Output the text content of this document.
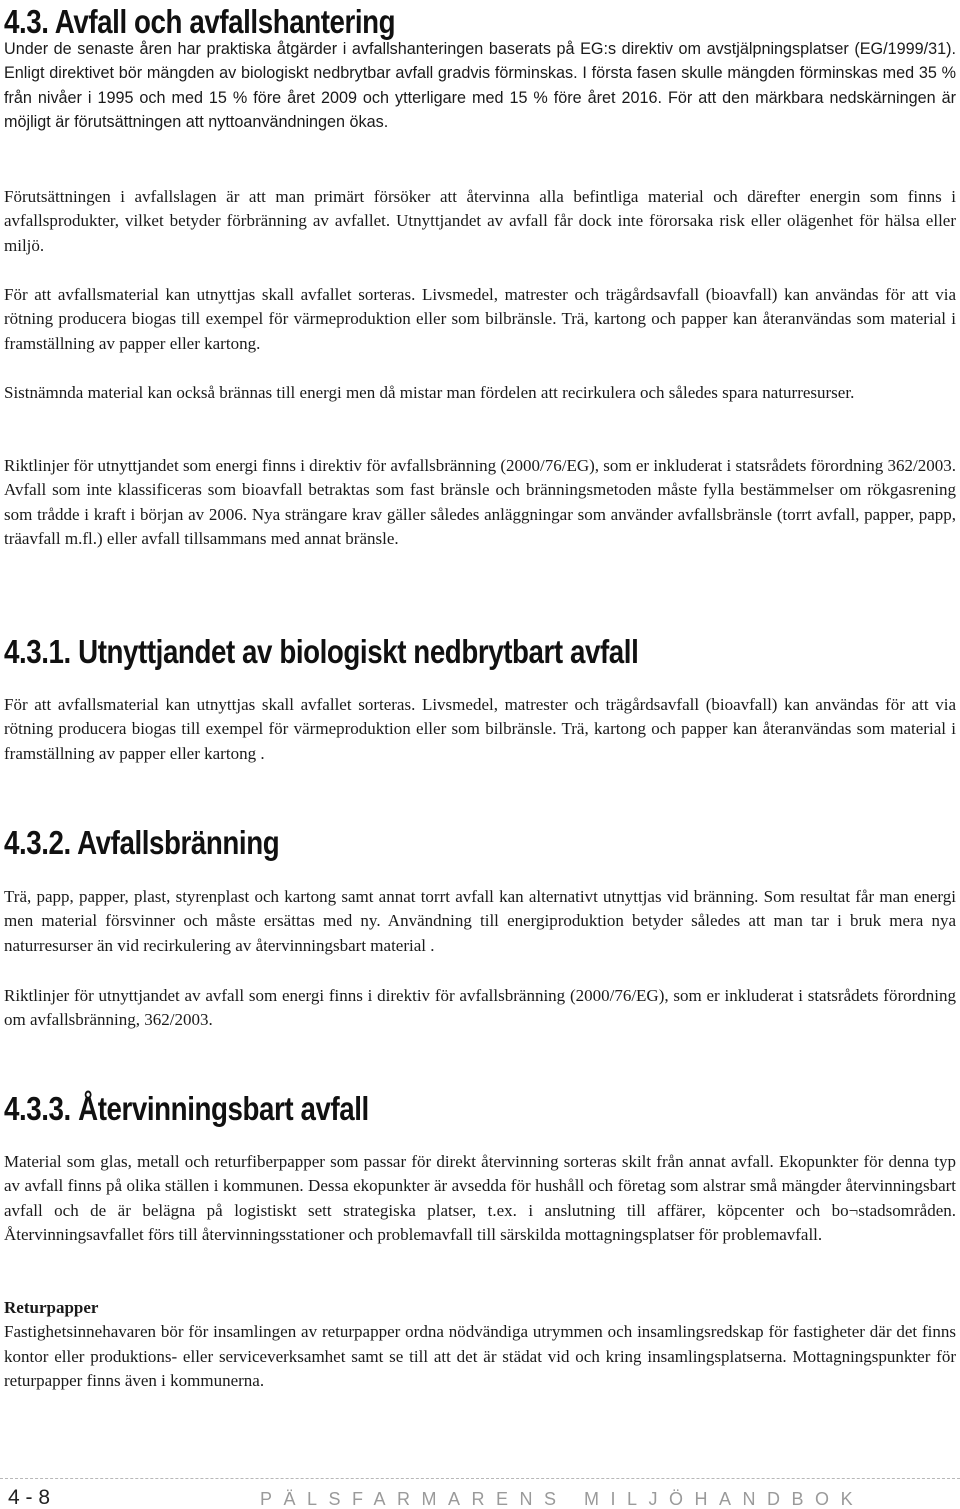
4.3. Avfall och avfallshantering

Under de senaste åren har praktiska åtgärder i avfallshanteringen baserats på EG:s direktiv om avstjälpningsplatser (EG/1999/31). Enligt direktivet bör mängden av biologiskt nedbrytbar avfall gradvis förminskas. I första fasen skulle mängden förminskas med 35 % från nivåer i 1995 och med 15 % före året 2009 och ytterligare med 15 % före året 2016. För att den märkbara nedskärningen är möjligt är förutsättningen att nyttoanvändningen ökas.

Förutsättningen i avfallslagen är att man primärt försöker att återvinna alla befintliga material och därefter energin som finns i avfallsprodukter, vilket betyder förbränning av avfallet. Utnyttjandet av avfall får dock inte förorsaka risk eller olägenhet för hälsa eller miljö.

För att avfallsmaterial kan utnyttjas skall avfallet sorteras. Livsmedel, matrester och trägårdsavfall (bioavfall) kan användas för att via rötning producera biogas till exempel för värmeproduktion eller som bilbränsle. Trä, kartong och papper kan återanvändas som material i framställning av papper eller kartong.

Sistnämnda material kan också brännas till energi men då mistar man fördelen att recirkulera och således spara naturresurser.

Riktlinjer för utnyttjandet som energi finns i direktiv för avfallsbränning (2000/76/EG), som er inkluderat i statsrådets förordning 362/2003. Avfall som inte klassificeras som bioavfall betraktas som fast bränsle och bränningsmetoden måste fylla bestämmelser om rökgasrening som trådde i kraft i början av 2006. Nya strängare krav gäller således anläggningar som använder avfallsbränsle (torrt avfall, papper, papp, träavfall m.fl.) eller avfall tillsammans med annat bränsle.

4.3.1. Utnyttjandet av biologiskt nedbrytbart avfall

För att avfallsmaterial kan utnyttjas skall avfallet sorteras. Livsmedel, matrester och trägårdsavfall (bioavfall) kan användas för att via rötning producera biogas till exempel för värmeproduktion eller som bilbränsle. Trä, kartong och papper kan återanvändas som material i framställning av papper eller kartong .

4.3.2. Avfallsbränning

Trä, papp, papper, plast, styrenplast och kartong samt annat torrt avfall kan alternativt utnyttjas vid bränning. Som resultat får man energi men material försvinner och måste ersättas med ny. Användning till energiproduktion betyder således att man tar i bruk mera nya naturresurser än vid recirkulering av återvinningsbart material .

Riktlinjer för utnyttjandet av avfall som energi finns i direktiv för avfallsbränning (2000/76/EG), som er inkluderat i statsrådets förordning om avfallsbränning, 362/2003.

4.3.3. Återvinningsbart avfall

Material som glas, metall och returfiberpapper som passar för direkt återvinning sorteras skilt från annat avfall. Ekopunkter för denna typ av avfall finns på olika ställen i kommunen. Dessa ekopunkter är avsedda för hushåll och företag som alstrar små mängder återvinningsbart avfall och de är belägna på logistiskt sett strategiska platser, t.ex. i anslutning till affärer, köpcenter och bo¬stadsområden. Återvinningsavfallet förs till återvinningsstationer och problemavfall till särskilda mottagningsplatser för problemavfall.

Returpapper
Fastighetsinnehavaren bör för insamlingen av returpapper ordna nödvändiga utrymmen och insamlingsredskap för fastigheter där det finns kontor eller produktions- eller serviceverksamhet samt se till att det är städat vid och kring insamlingsplatserna. Mottagningspunkter för returpapper finns även i kommunerna.

4 - 8	PÄLSFARMARENS MILJÖHANDBOK
